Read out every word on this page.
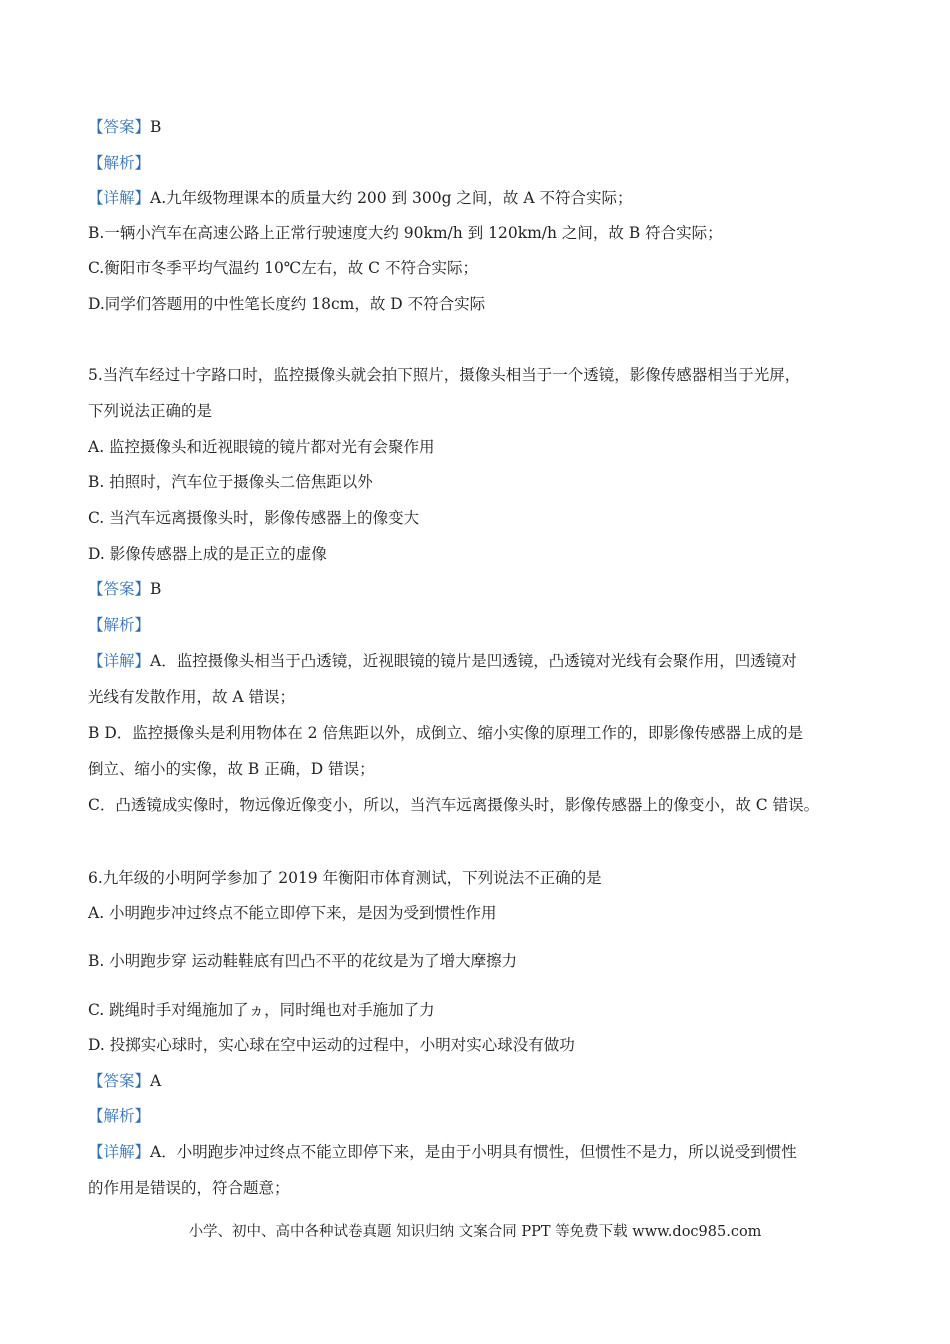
【答案】B
【解析】
【详解】A.九年级物理课本的质量大约 200 到 300g 之间，故 A 不符合实际；
B.一辆小汽车在高速公路上正常行驶速度大约 90km/h 到 120km/h 之间，故 B 符合实际；
C.衡阳市冬季平均气温约 10℃左右，故 C 不符合实际；
D.同学们答题用的中性笔长度约 18cm，故 D 不符合实际
5.当汽车经过十字路口时，监控摄像头就会拍下照片，摄像头相当于一个透镜，影像传感器相当于光屏，
下列说法正确的是
A. 监控摄像头和近视眼镜的镜片都对光有会聚作用
B. 拍照时，汽车位于摄像头二倍焦距以外
C. 当汽车远离摄像头时，影像传感器上的像变大
D. 影像传感器上成的是正立的虚像
【答案】B
【解析】
【详解】A．监控摄像头相当于凸透镜，近视眼镜的镜片是凹透镜，凸透镜对光线有会聚作用，凹透镜对
光线有发散作用，故 A 错误；
B D．监控摄像头是利用物体在 2 倍焦距以外，成倒立、缩小实像的原理工作的，即影像传感器上成的是
倒立、缩小的实像，故 B 正确，D 错误；
C．凸透镜成实像时，物远像近像变小，所以，当汽车远离摄像头时，影像传感器上的像变小，故 C 错误。
6.九年级的小明阿学参加了 2019 年衡阳市体育测试，下列说法不正确的是
A. 小明跑步冲过终点不能立即停下来，是因为受到惯性作用
B. 小明跑步穿 运动鞋鞋底有凹凸不平的花纹是为了增大摩擦力
C. 跳绳时手对绳施加了ヵ，同时绳也对手施加了力
D. 投掷实心球时，实心球在空中运动的过程中，小明对实心球没有做功
【答案】A
【解析】
【详解】A．小明跑步冲过终点不能立即停下来，是由于小明具有惯性，但惯性不是力，所以说受到惯性
的作用是错误的，符合题意；
小学、初中、高中各种试卷真题 知识归纳 文案合同 PPT 等免费下载 www.doc985.com
